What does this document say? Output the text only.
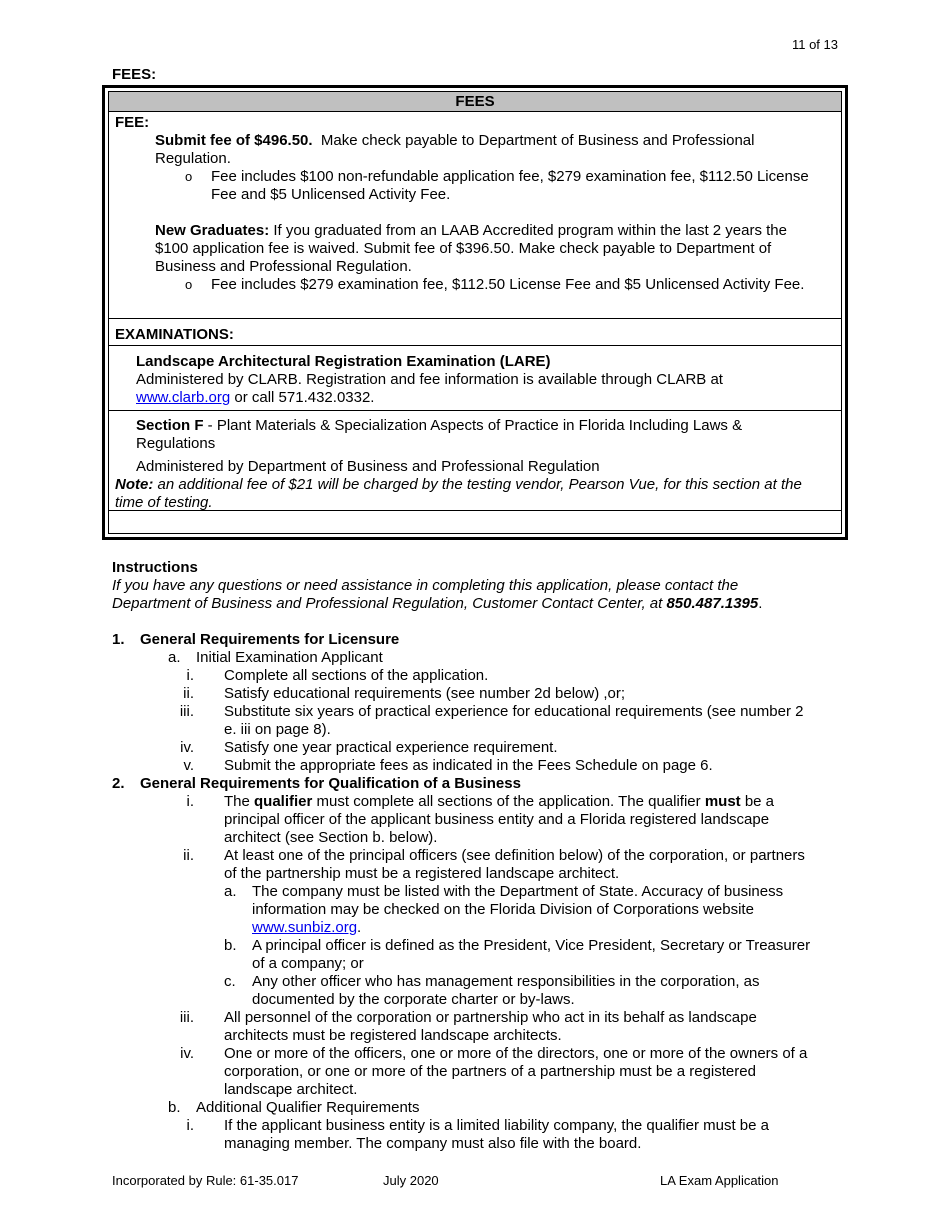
11 of 13
FEES:
FEES
FEE:
Submit fee of $496.50.  Make check payable to Department of Business and Professional
Regulation.
o Fee includes $100 non-refundable application fee, $279 examination fee, $112.50 License
Fee and $5 Unlicensed Activity Fee.
New Graduates: If you graduated from an LAAB Accredited program within the last 2 years the
$100 application fee is waived. Submit fee of $396.50. Make check payable to Department of
Business and Professional Regulation.
o Fee includes $279 examination fee, $112.50 License Fee and $5 Unlicensed Activity Fee.
EXAMINATIONS:
Landscape Architectural Registration Examination (LARE)
Administered by CLARB. Registration and fee information is available through CLARB at
www.clarb.org or call 571.432.0332.
Section F - Plant Materials & Specialization Aspects of Practice in Florida Including Laws &
Regulations
Administered by Department of Business and Professional Regulation
Note: an additional fee of $21 will be charged by the testing vendor, Pearson Vue, for this section at the
time of testing.
Instructions
If you have any questions or need assistance in completing this application, please contact the
Department of Business and Professional Regulation, Customer Contact Center, at 850.487.1395.
1. General Requirements for Licensure
a. Initial Examination Applicant
i. Complete all sections of the application.
ii. Satisfy educational requirements (see number 2d below) ,or;
iii. Substitute six years of practical experience for educational requirements (see number 2
e. iii on page 8).
iv. Satisfy one year practical experience requirement.
v. Submit the appropriate fees as indicated in the Fees Schedule on page 6.
2. General Requirements for Qualification of a Business
i. The qualifier must complete all sections of the application. The qualifier must be a
principal officer of the applicant business entity and a Florida registered landscape
architect (see Section b. below).
ii. At least one of the principal officers (see definition below) of the corporation, or partners
of the partnership must be a registered landscape architect.
a. The company must be listed with the Department of State. Accuracy of business
information may be checked on the Florida Division of Corporations website
www.sunbiz.org.
b. A principal officer is defined as the President, Vice President, Secretary or Treasurer
of a company; or
c. Any other officer who has management responsibilities in the corporation, as
documented by the corporate charter or by-laws.
iii. All personnel of the corporation or partnership who act in its behalf as landscape
architects must be registered landscape architects.
iv. One or more of the officers, one or more of the directors, one or more of the owners of a
corporation, or one or more of the partners of a partnership must be a registered
landscape architect.
b. Additional Qualifier Requirements
i. If the applicant business entity is a limited liability company, the qualifier must be a
managing member. The company must also file with the board.
Incorporated by Rule: 61-35.017	July 2020	LA Exam Application
